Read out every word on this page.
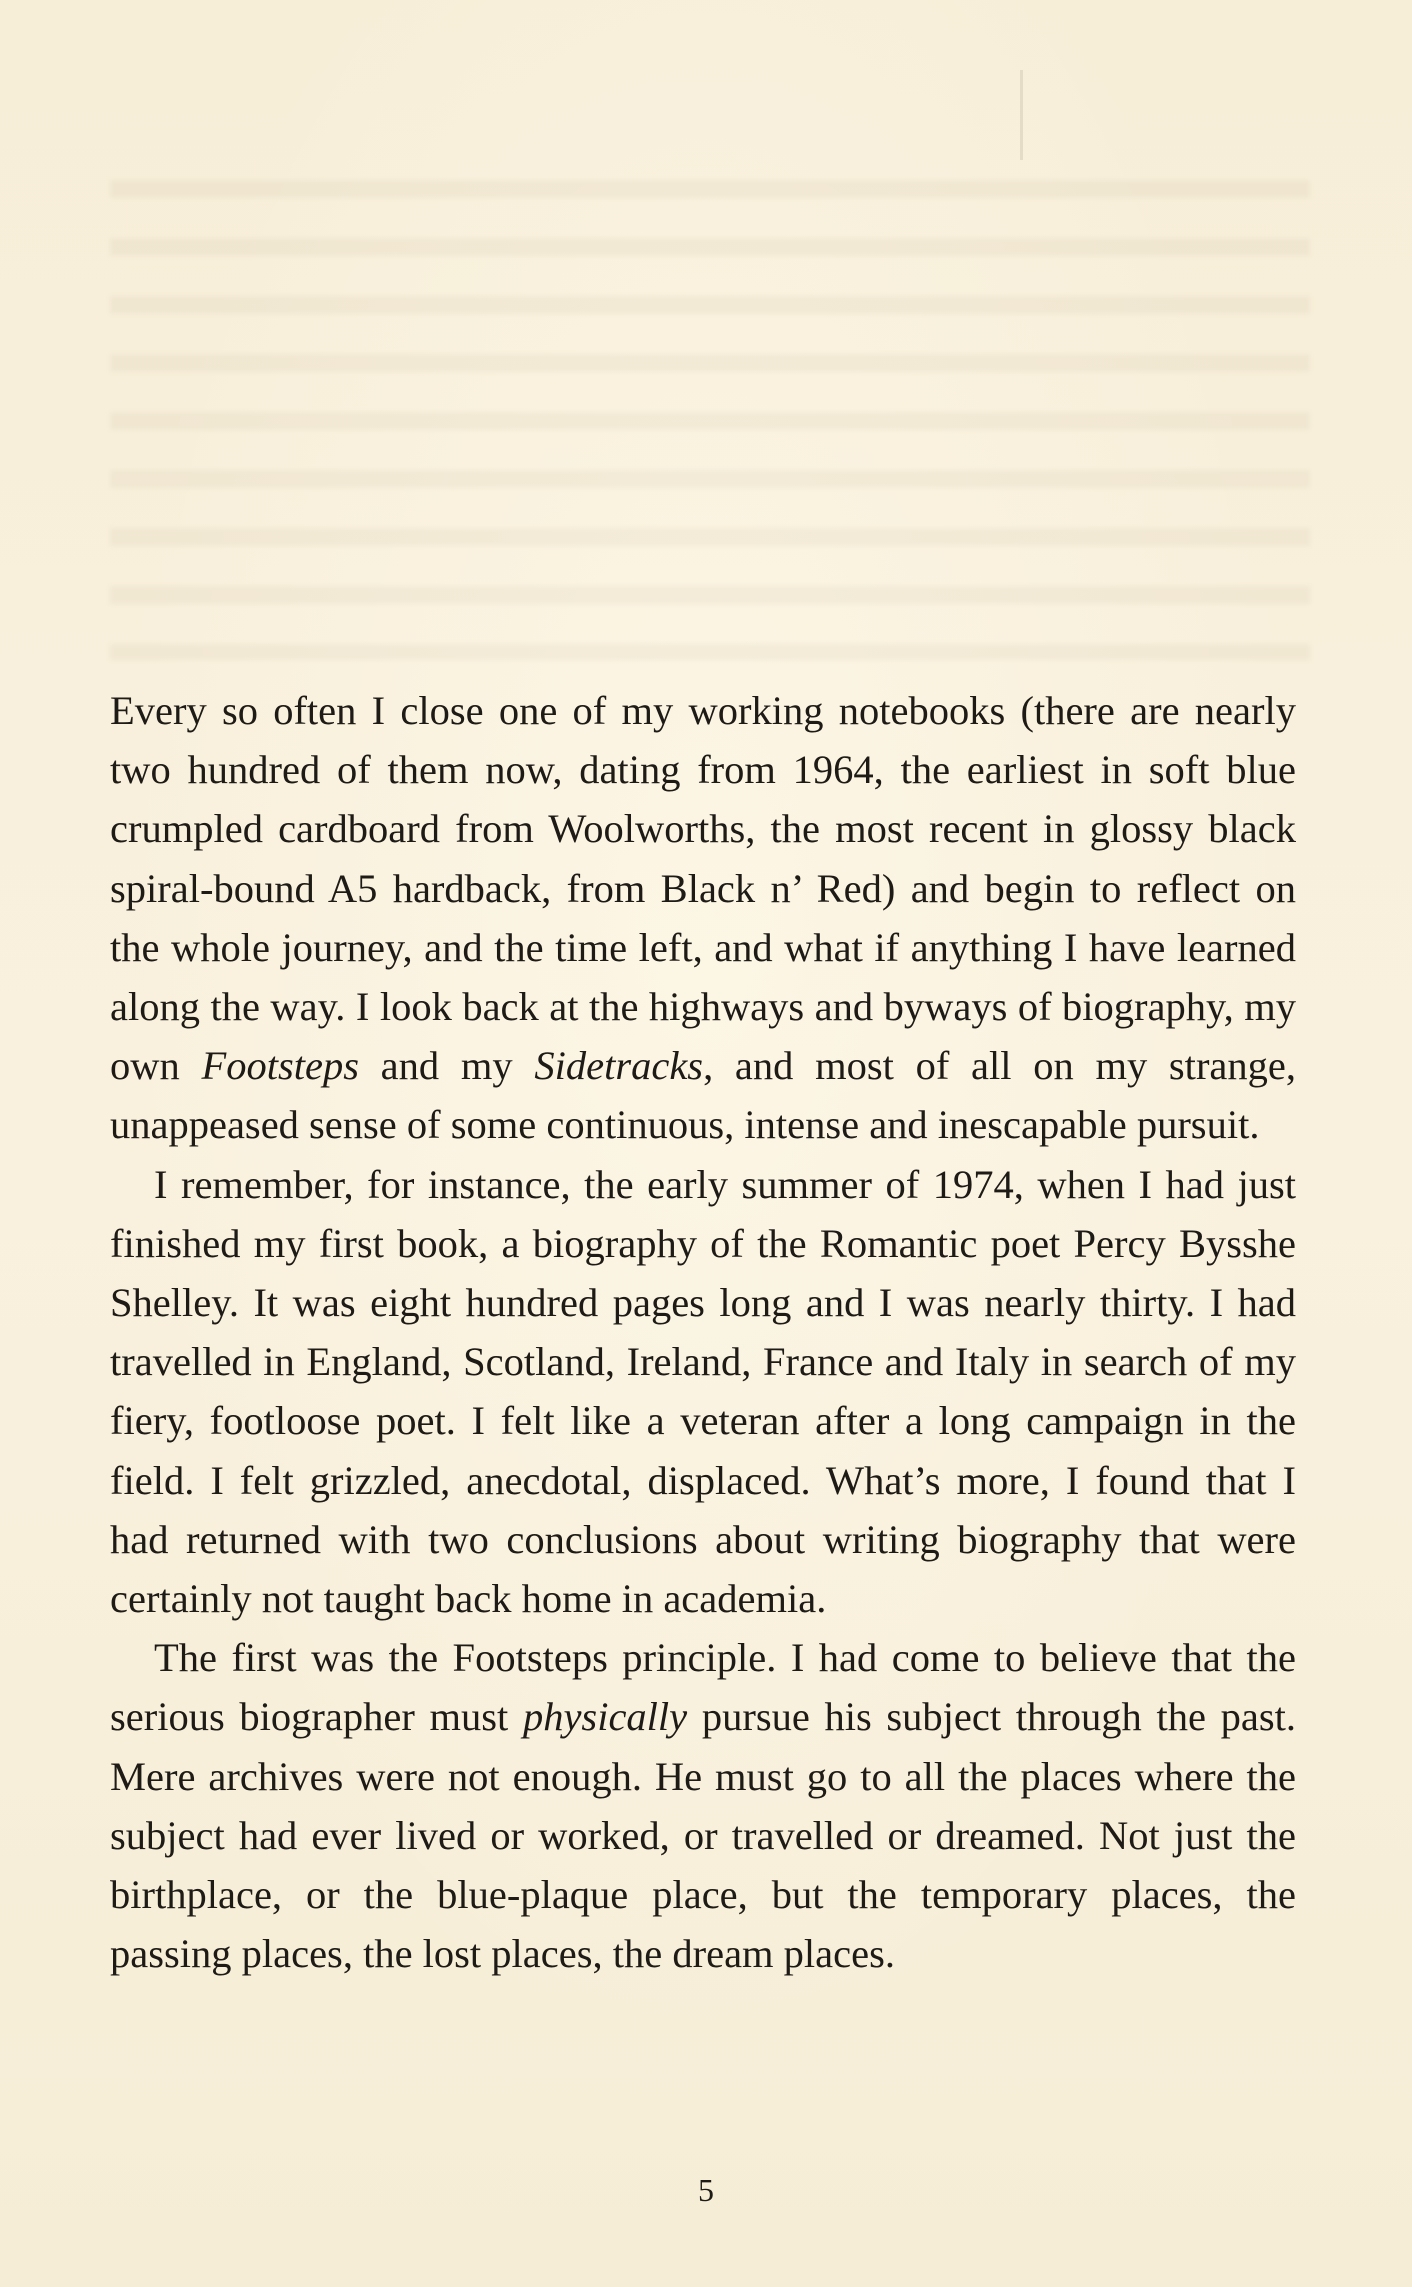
Every so often I close one of my working notebooks (there are nearly two hundred of them now, dating from 1964, the earliest in soft blue crumpled cardboard from Woolworths, the most recent in glossy black spiral-bound A5 hardback, from Black n’ Red) and begin to reflect on the whole journey, and the time left, and what if anything I have learned along the way. I look back at the highways and byways of biography, my own Footsteps and my Sidetracks, and most of all on my strange, unappeased sense of some continuous, intense and inescapable pursuit.

I remember, for instance, the early summer of 1974, when I had just finished my first book, a biography of the Romantic poet Percy Bysshe Shelley. It was eight hundred pages long and I was nearly thirty. I had travelled in England, Scotland, Ireland, France and Italy in search of my fiery, footloose poet. I felt like a veteran after a long campaign in the field. I felt grizzled, anecdotal, displaced. What’s more, I found that I had returned with two conclusions about writing biography that were certainly not taught back home in academia.

The first was the Footsteps principle. I had come to believe that the serious biographer must physically pursue his subject through the past. Mere archives were not enough. He must go to all the places where the subject had ever lived or worked, or travelled or dreamed. Not just the birthplace, or the blue-plaque place, but the temporary places, the passing places, the lost places, the dream places.

5
